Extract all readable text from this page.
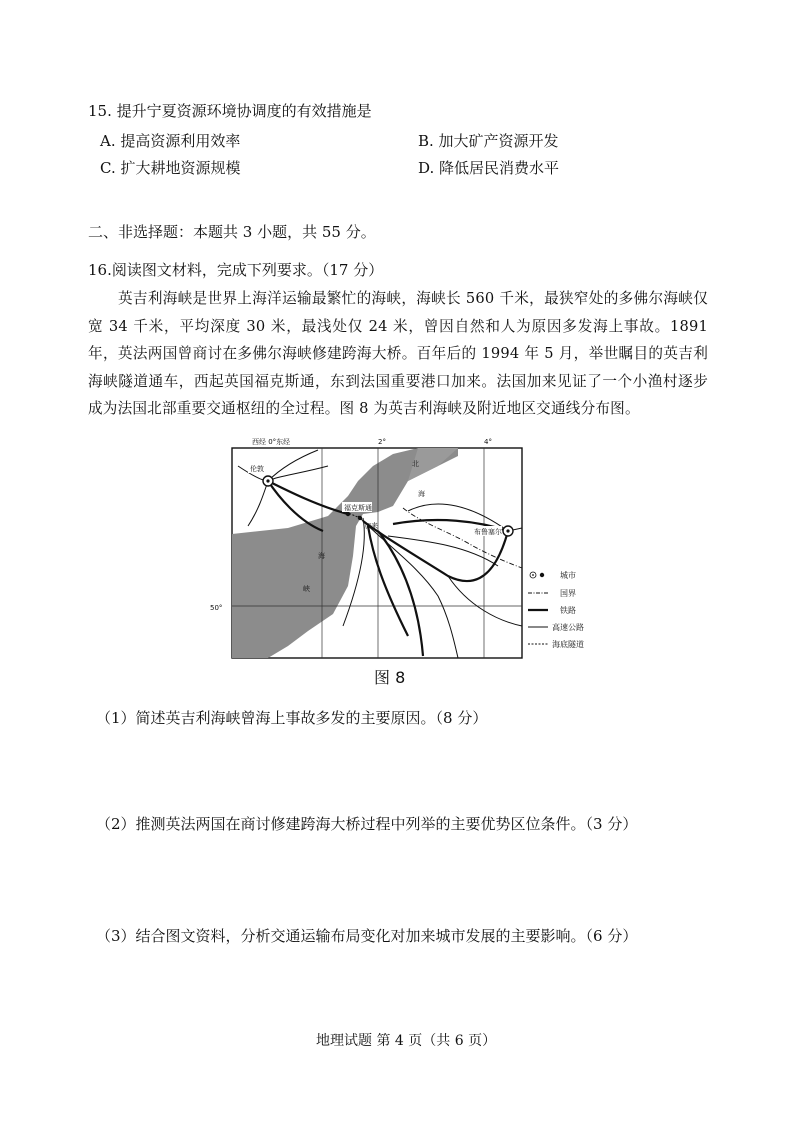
15. 提升宁夏资源环境协调度的有效措施是
A. 提高资源利用效率	B. 加大矿产资源开发
C. 扩大耕地资源规模	D. 降低居民消费水平
二、非选择题：本题共 3 小题，共 55 分。
16.阅读图文材料，完成下列要求。（17 分）
英吉利海峡是世界上海洋运输最繁忙的海峡，海峡长 560 千米，最狭窄处的多佛尔海峡仅宽 34 千米，平均深度 30 米，最浅处仅 24 米，曾因自然和人为原因多发海上事故。1891 年，英法两国曾商讨在多佛尔海峡修建跨海大桥。百年后的 1994 年 5 月，举世瞩目的英吉利海峡隧道通车，西起英国福克斯通，东到法国重要港口加来。法国加来见证了一个小渔村逐步成为法国北部重要交通枢纽的全过程。图 8 为英吉利海峡及附近地区交通线分布图。
西经 0°东经	2°	4°
50°
伦敦
福克斯通
加来
布鲁塞尔
海
峡
北
海
城市
国界
铁路
高速公路
海底隧道
图 8
（1）简述英吉利海峡曾海上事故多发的主要原因。（8 分）
（2）推测英法两国在商讨修建跨海大桥过程中列举的主要优势区位条件。（3 分）
（3）结合图文资料，分析交通运输布局变化对加来城市发展的主要影响。（6 分）
地理试题 第 4 页（共 6 页）
